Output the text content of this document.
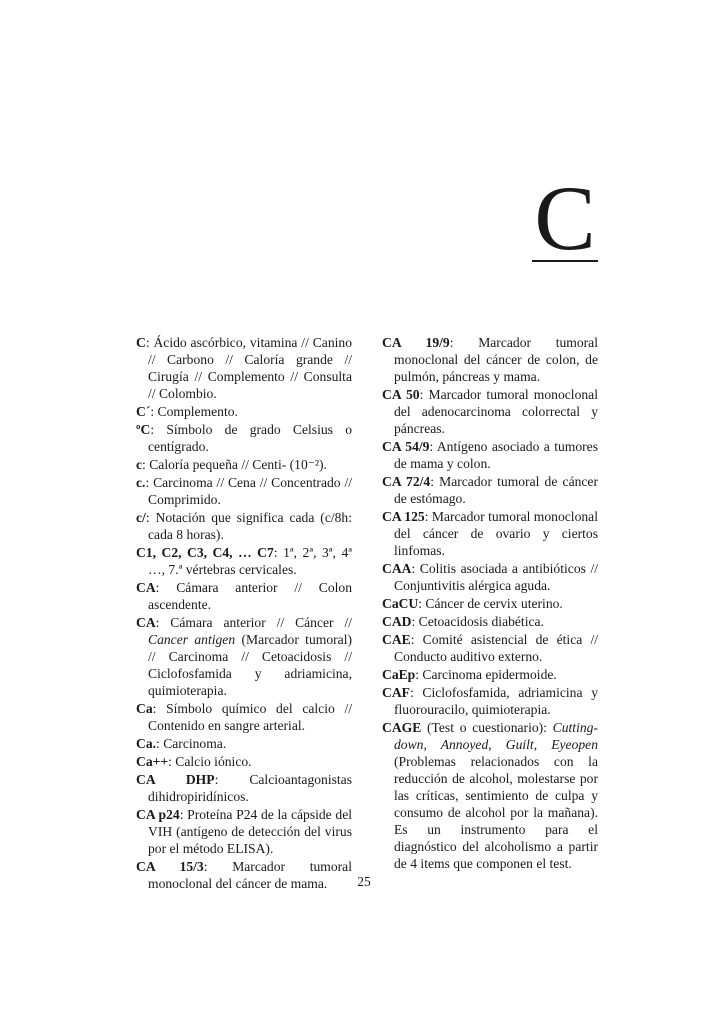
C

C: Ácido ascórbico, vitamina // Canino // Carbono // Caloría grande // Cirugía // Complemento // Consulta // Colombio.

C´: Complemento.

ºC: Símbolo de grado Celsius o centígrado.

c: Caloría pequeña // Centi- (10⁻²).

c.: Carcinoma // Cena // Concentrado // Comprimido.

c/: Notación que significa cada (c/8h: cada 8 horas).

C1, C2, C3, C4, … C7: 1ª, 2ª, 3ª, 4ª …, 7.ª vértebras cervicales.

CA: Cámara anterior // Colon ascendente.

CA: Cámara anterior // Cáncer // Cancer antigen (Marcador tumoral) // Carcinoma // Cetoacidosis // Ciclofosfamida y adriamicina, quimioterapia.

Ca: Símbolo químico del calcio // Contenido en sangre arterial.

Ca.: Carcinoma.

Ca++: Calcio iónico.

CA DHP: Calcioantagonistas dihidropiridínicos.

CA p24: Proteína P24 de la cápside del VIH (antígeno de detección del virus por el método ELISA).

CA 15/3: Marcador tumoral monoclonal del cáncer de mama.

CA 19/9: Marcador tumoral monoclonal del cáncer de colon, de pulmón, páncreas y mama.

CA 50: Marcador tumoral monoclonal del adenocarcinoma colorrectal y páncreas.

CA 54/9: Antígeno asociado a tumores de mama y colon.

CA 72/4: Marcador tumoral de cáncer de estómago.

CA 125: Marcador tumoral monoclonal del cáncer de ovario y ciertos linfomas.

CAA: Colitis asociada a antibióticos // Conjuntivitis alérgica aguda.

CaCU: Cáncer de cervix uterino.

CAD: Cetoacidosis diabética.

CAE: Comité asistencial de ética // Conducto auditivo externo.

CaEp: Carcinoma epidermoide.

CAF: Ciclofosfamida, adriamicina y fluorouracilo, quimioterapia.

CAGE (Test o cuestionario): Cutting-down, Annoyed, Guilt, Eyeopen (Problemas relacionados con la reducción de alcohol, molestarse por las críticas, sentimiento de culpa y consumo de alcohol por la mañana). Es un instrumento para el diagnóstico del alcoholismo a partir de 4 items que componen el test.

25
